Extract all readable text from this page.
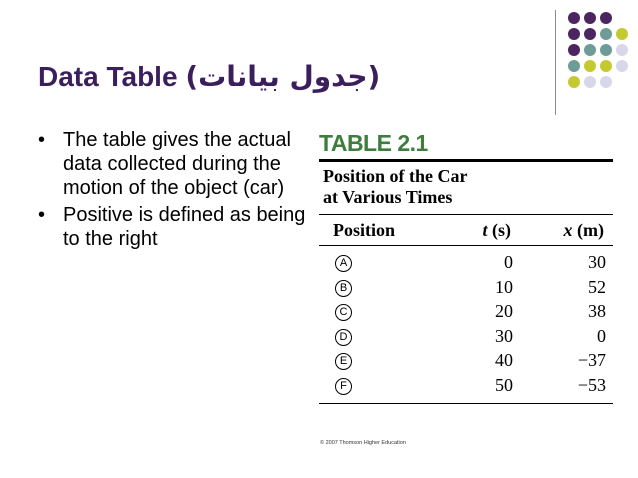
Data Table (جدول بيانات)
• The table gives the actual data collected during the motion of the object (car)
• Positive is defined as being to the right
TABLE 2.1
Position of the Car
at Various Times
Position	t (s)	x (m)
A	0	30
B	10	52
C	20	38
D	30	0
E	40	−37
F	50	−53
© 2007 Thomson Higher Education
